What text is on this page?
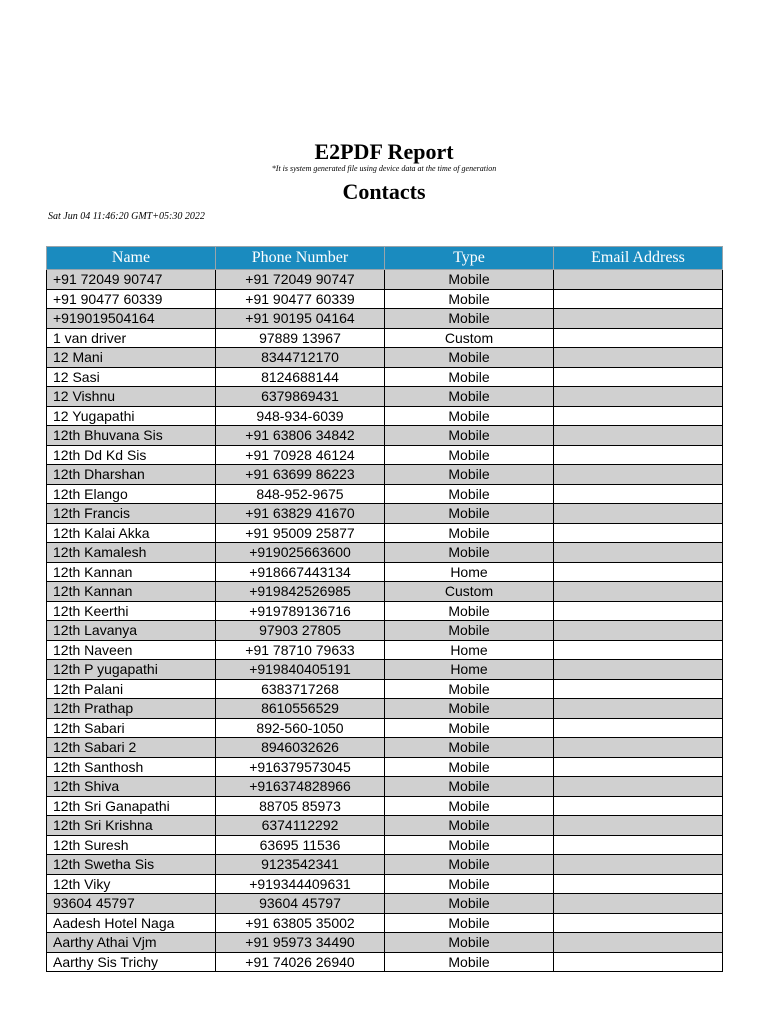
E2PDF Report
*It is system generated file using device data at the time of generation
Contacts
Sat Jun 04 11:46:20 GMT+05:30 2022
Name	Phone Number	Type	Email Address
+91 72049 90747	+91 72049 90747	Mobile	
+91 90477 60339	+91 90477 60339	Mobile	
+919019504164	+91 90195 04164	Mobile	
1 van driver	97889 13967	Custom	
12 Mani	8344712170	Mobile	
12 Sasi	8124688144	Mobile	
12 Vishnu	6379869431	Mobile	
12 Yugapathi	948-934-6039	Mobile	
12th Bhuvana Sis	+91 63806 34842	Mobile	
12th Dd Kd Sis	+91 70928 46124	Mobile	
12th Dharshan	+91 63699 86223	Mobile	
12th Elango	848-952-9675	Mobile	
12th Francis	+91 63829 41670	Mobile	
12th Kalai Akka	+91 95009 25877	Mobile	
12th Kamalesh	+919025663600	Mobile	
12th Kannan	+918667443134	Home	
12th Kannan	+919842526985	Custom	
12th Keerthi	+919789136716	Mobile	
12th Lavanya	97903 27805	Mobile	
12th Naveen	+91 78710 79633	Home	
12th P yugapathi	+919840405191	Home	
12th Palani	6383717268	Mobile	
12th Prathap	8610556529	Mobile	
12th Sabari	892-560-1050	Mobile	
12th Sabari 2	8946032626	Mobile	
12th Santhosh	+916379573045	Mobile	
12th Shiva	+916374828966	Mobile	
12th Sri Ganapathi	88705 85973	Mobile	
12th Sri Krishna	6374112292	Mobile	
12th Suresh	63695 11536	Mobile	
12th Swetha Sis	9123542341	Mobile	
12th Viky	+919344409631	Mobile	
93604 45797	93604 45797	Mobile	
Aadesh Hotel Naga	+91 63805 35002	Mobile	
Aarthy Athai Vjm	+91 95973 34490	Mobile	
Aarthy Sis Trichy	+91 74026 26940	Mobile	
